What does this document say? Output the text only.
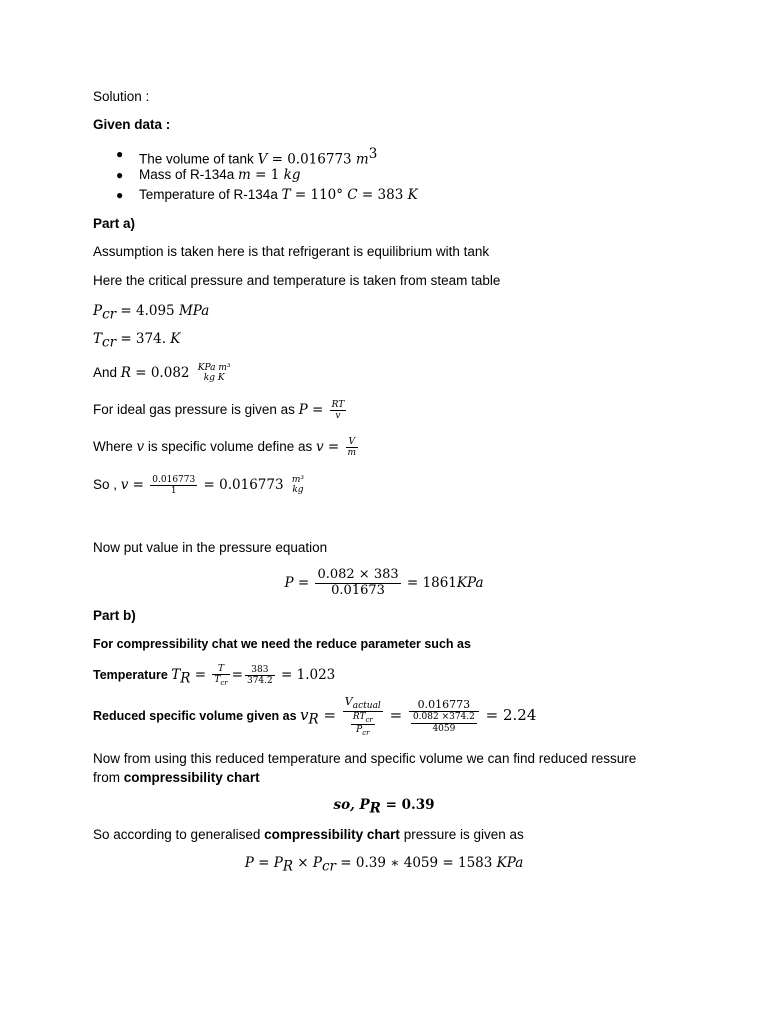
Solution :
Given data :
● The volume of tank V = 0.016773 $m^3$
● Mass of R-134a m = 1 kg
● Temperature of R-134a T = 110° C = 383 K
Part a)
Assumption is taken here is that refrigerant is equilibrium with tank
Here the critical pressure and temperature is taken from steam table
$P_{cr} = 4.095$ MPa
$T_{cr} = 374$. K
And R = 0.082 KPa m³
kg K
For ideal gas pressure is given as $P = \frac{RT}{v}$
Where v is specific volume define as $v = \frac{V}{m}$
So , $v = \frac{0.016773}{1} = 0.016773$ m³
kg
Now put value in the pressure equation
$P = \frac{0.082 \times 383}{0.01673} = 1861KPa$
Part b)
For compressibility chat we need the reduce parameter such as
Temperature $T_R = \frac{T}{T_{cr}} = \frac{383}{374.2} = 1.023$
Reduced specific volume given as $v_R = \frac{V_{actual}}{\frac{RT_{cr}}{P_{cr}}} = \frac{0.016773}{\frac{0.082 \times 374.2}{4059}} = 2.24$
Now from using this reduced temperature and specific volume we can find reduced ressure
from compressibility chart
so, $P_R = 0.39$
So according to generalised compressibility chart pressure is given as
$P = P_R \times P_{cr} = 0.39$ ∗ 4059 = 1583 KPa
